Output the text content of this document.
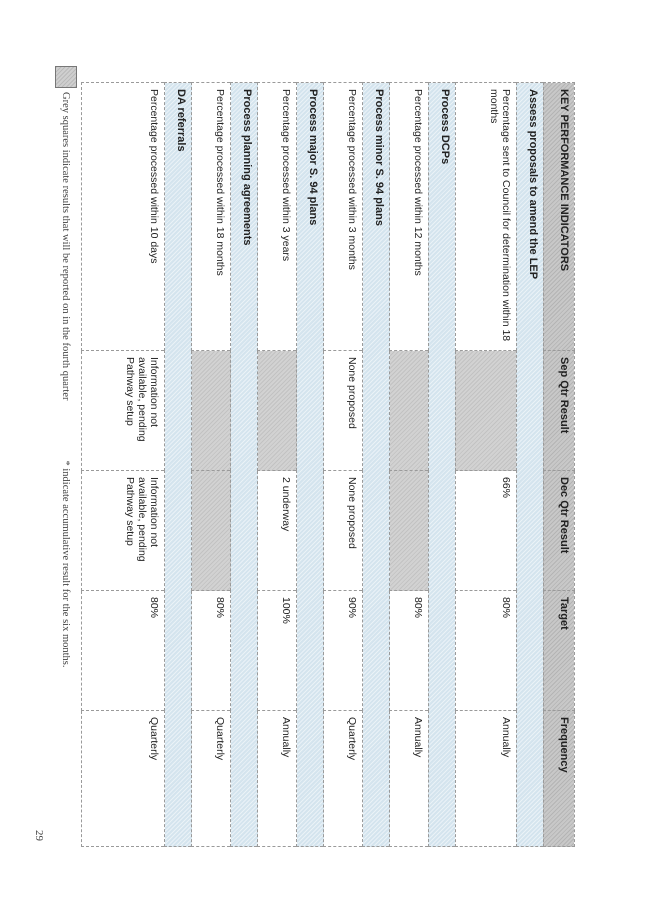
KEY PERFORMANCE INDICATORS	Sep Qtr Result	Dec Qtr Result	Target	Frequency
Assess proposals to amend the LEP				
Percentage sent to Council for determination within 18 months		66%	80%	Annually
Process DCPs				
Percentage processed within 12 months			80%	Annually
Process minor S. 94 plans				
Percentage processed within 3 months	None proposed	None proposed	90%	Quarterly
Process major S. 94 plans				
Percentage processed within 3 years		2 underway	100%	Annually
Process planning agreements				
Percentage processed within 18 months			80%	Quarterly
DA referrals				
Percentage processed within 10 days	Information not available, pending Pathway setup	Information not available, pending Pathway setup	80%	Quarterly
Grey squares indicate results that will be reported on in the fourth quarter
* indicate accumulative result for the six months.
29
